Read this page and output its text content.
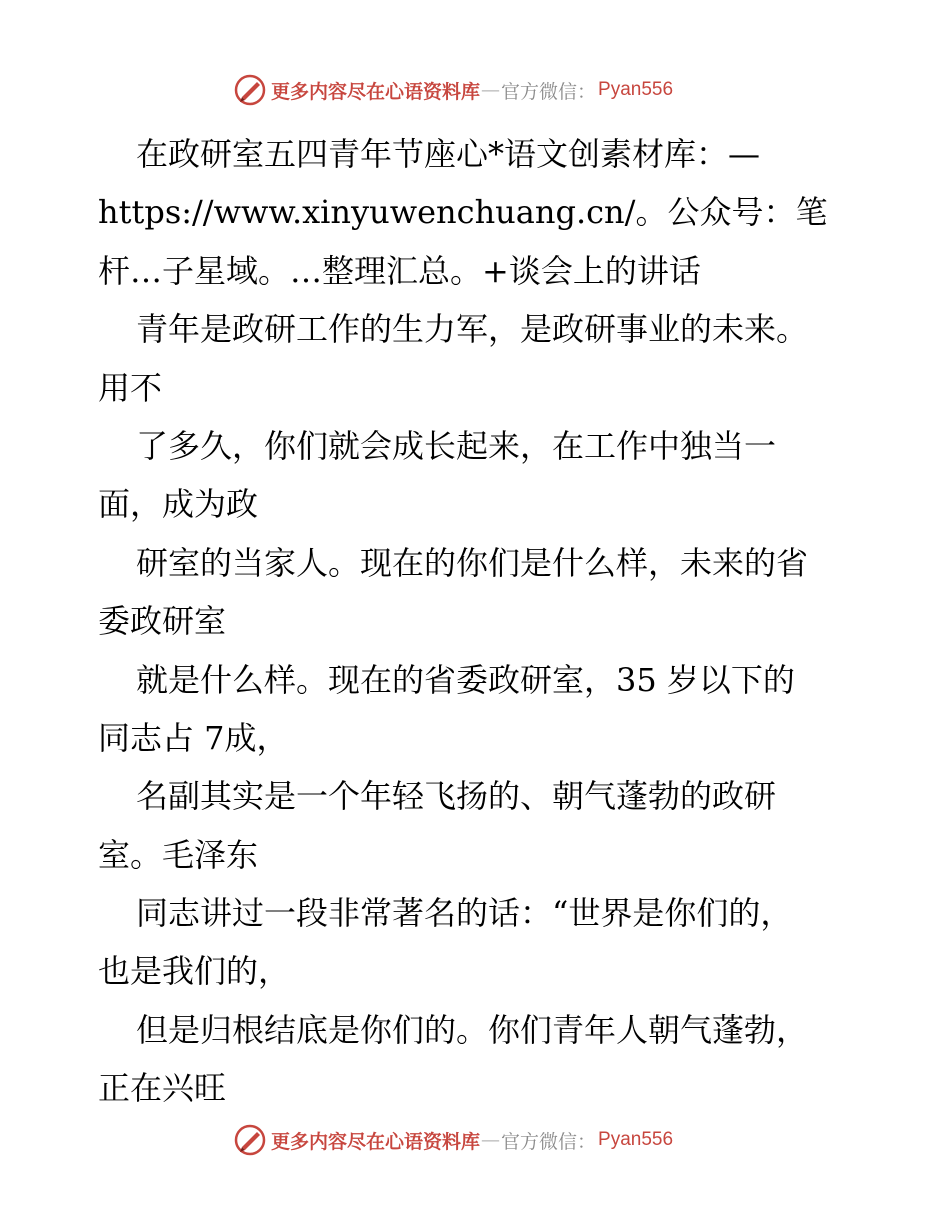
更多内容尽在心语资料库 — 官方微信： Pyan556
在政研室五四青年节座心*语文创素材库：—
https://www.xinyuwenchuang.cn/。公众号：笔
杆…子星域。…整理汇总。+谈会上的讲话
青年是政研工作的生力军，是政研事业的未来。
用不
了多久，你们就会成长起来，在工作中独当一
面，成为政
研室的当家人。现在的你们是什么样，未来的省
委政研室
就是什么样。现在的省委政研室，35 岁以下的
同志占 7成，
名副其实是一个年轻飞扬的、朝气蓬勃的政研
室。毛泽东
同志讲过一段非常著名的话：“世界是你们的，
也是我们的，
但是归根结底是你们的。你们青年人朝气蓬勃，
正在兴旺
更多内容尽在心语资料库 — 官方微信： Pyan556
